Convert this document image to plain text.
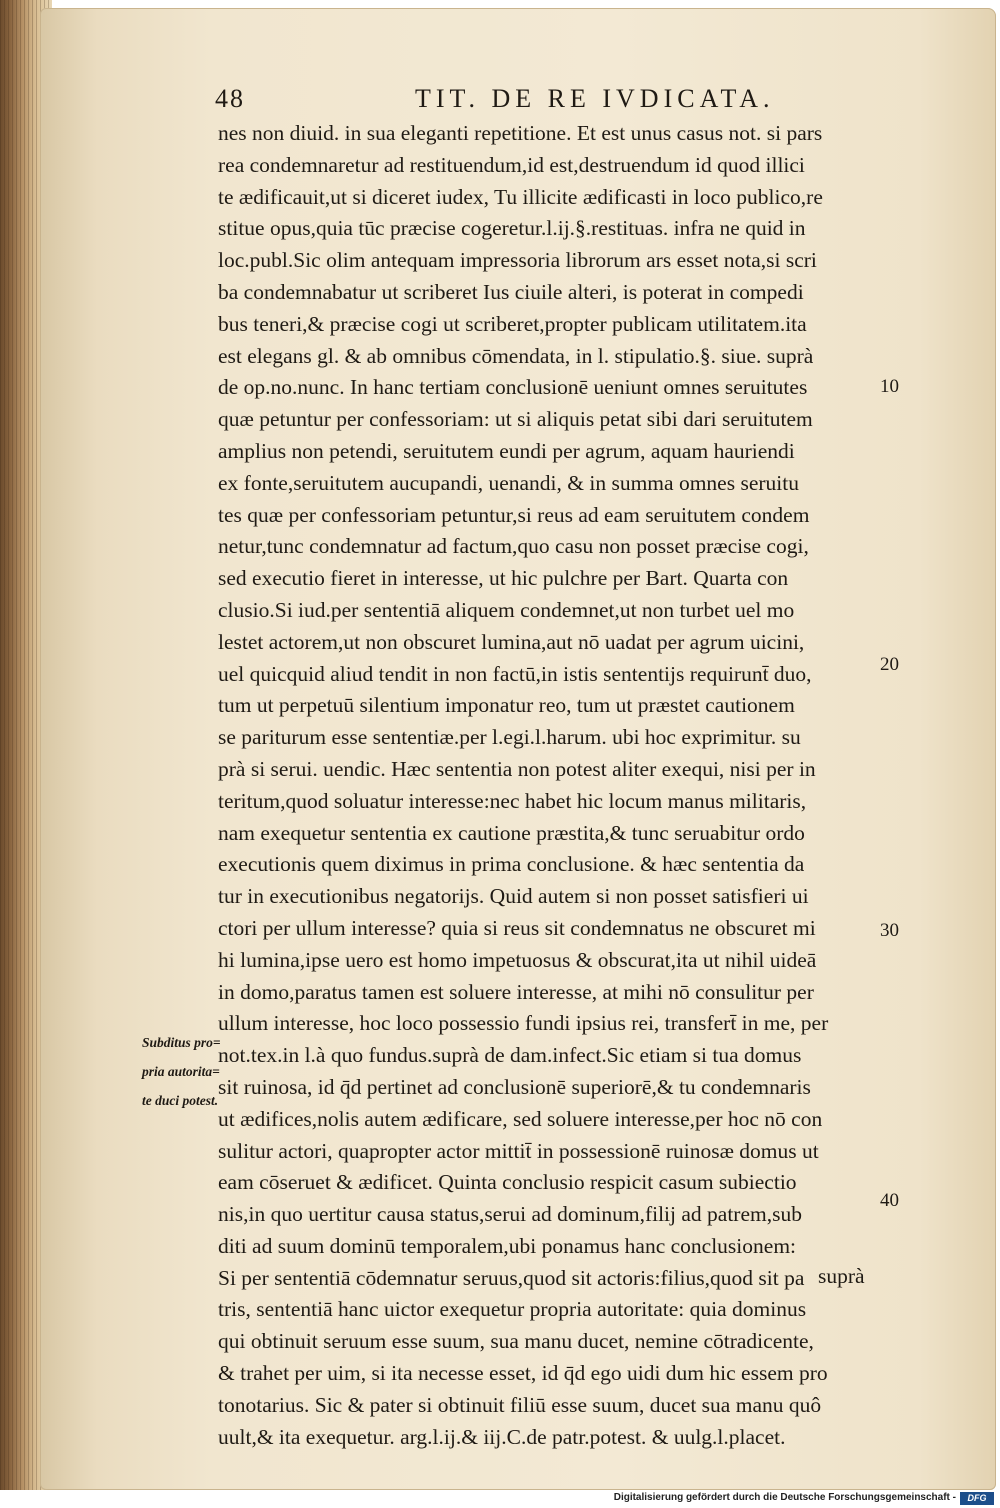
48	TIT. DE RE IVDICATA.
nes non diuid. in sua eleganti repetitione. Et est unus casus not. si pars
rea condemnaretur ad restituendum,id est,destruendum id quod illici
te ædificauit,ut si diceret iudex, Tu illicite ædificasti in loco publico,re
stitue opus,quia tūc præcise cogeretur.l.ij.§.restituas. infra ne quid in
loc.publ.Sic olim antequam impressoria librorum ars esset nota,si scri
ba condemnabatur ut scriberet Ius ciuile alteri, is poterat in compedi
bus teneri,& præcise cogi ut scriberet,propter publicam utilitatem.ita
est elegans gl. & ab omnibus cōmendata, in l. stipulatio.§. siue. suprà
de op.no.nunc. In hanc tertiam conclusionē ueniunt omnes seruitutes
quæ petuntur per confessoriam: ut si aliquis petat sibi dari seruitutem
amplius non petendi, seruitutem eundi per agrum, aquam hauriendi
ex fonte,seruitutem aucupandi, uenandi, & in summa omnes seruitu
tes quæ per confessoriam petuntur,si reus ad eam seruitutem condem
netur,tunc condemnatur ad factum,quo casu non posset præcise cogi,
sed executio fieret in interesse, ut hic pulchre per Bart. Quarta con
clusio.Si iud.per sententiā aliquem condemnet,ut non turbet uel mo
lestet actorem,ut non obscuret lumina,aut nō uadat per agrum uicini,
uel quicquid aliud tendit in non factū,in istis sententijs requirunt̄ duo,
tum ut perpetuū silentium imponatur reo, tum ut præstet cautionem
se pariturum esse sententiæ.per l.egi.l.harum. ubi hoc exprimitur. su
prà si serui. uendic. Hæc sententia non potest aliter exequi, nisi per in
teritum,quod soluatur interesse:nec habet hic locum manus militaris,
nam exequetur sententia ex cautione præstita,& tunc seruabitur ordo
executionis quem diximus in prima conclusione. & hæc sententia da
tur in executionibus negatorijs. Quid autem si non posset satisfieri ui
ctori per ullum interesse? quia si reus sit condemnatus ne obscuret mi
hi lumina,ipse uero est homo impetuosus & obscurat,ita ut nihil uideā
in domo,paratus tamen est soluere interesse, at mihi nō consulitur per
ullum interesse, hoc loco possessio fundi ipsius rei, transfert̄ in me, per
not.tex.in l.à quo fundus.suprà de dam.infect.Sic etiam si tua domus
sit ruinosa, id q̄d pertinet ad conclusionē superiorē,& tu condemnaris
ut ædifices,nolis autem ædificare, sed soluere interesse,per hoc nō con
sulitur actori, quapropter actor mittit̄ in possessionē ruinosæ domus ut
eam cōseruet & ædificet. Quinta conclusio respicit casum subiectio
nis,in quo uertitur causa status,serui ad dominum,filij ad patrem,sub
diti ad suum dominū temporalem,ubi ponamus hanc conclusionem:
Si per sententiā cōdemnatur seruus,quod sit actoris:filius,quod sit pa
tris, sententiā hanc uictor exequetur propria autoritate: quia dominus
qui obtinuit seruum esse suum, sua manu ducet, nemine cōtradicente,
& trahet per uim, si ita necesse esset, id q̄d ego uidi dum hic essem pro
tonotarius. Sic & pater si obtinuit filiū esse suum, ducet sua manu quô
uult,& ita exequetur. arg.l.ij.& iij.C.de patr.potest. & uulg.l.placet.
10
20
30
40
Subditus pro=
pria autorita=
te duci potest.
suprà
Digitalisierung gefördert durch die Deutsche Forschungsgemeinschaft -	DFG
